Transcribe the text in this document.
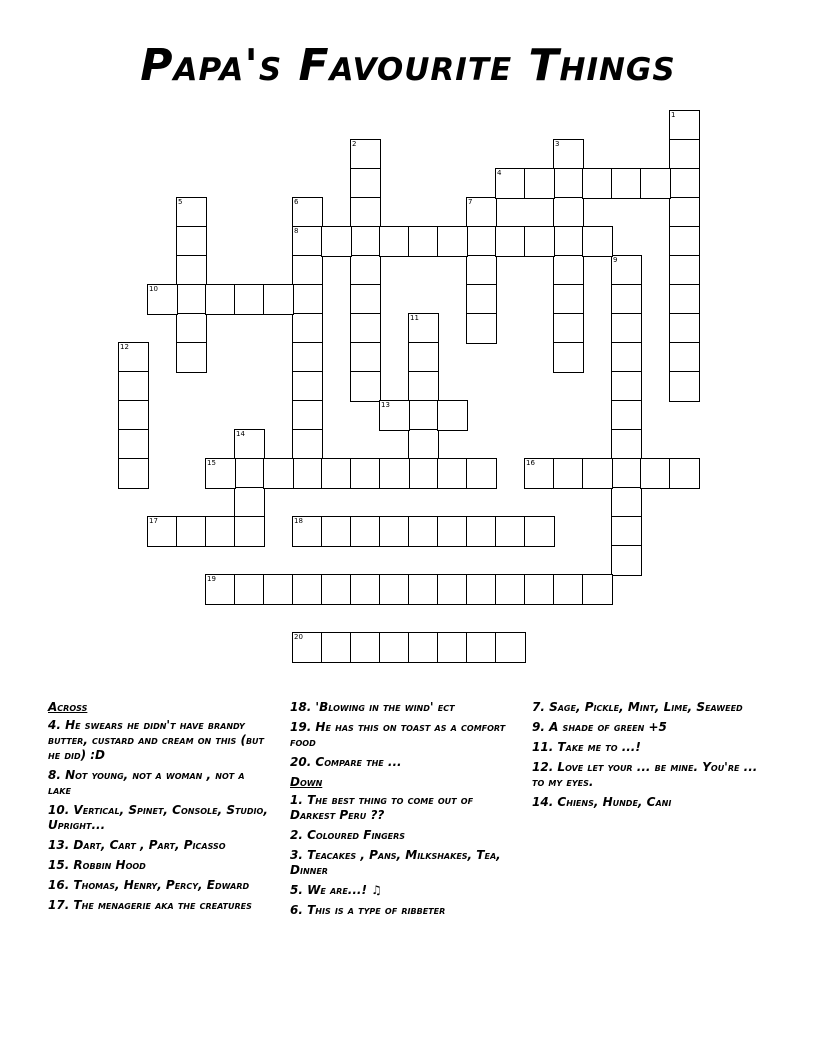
Papa's Favourite Things
1
2	3
5	6
8
7
9
11
12
14
4
10
13
15	16
17	18
19
20

Across

4. He swears he didn't have brandy butter, custard and cream on this (but he did) :D

8. Not young, not a woman , not a lake

10. Vertical, Spinet, Console, Studio, Upright...

13. Dart, Cart , Part, Picasso

15. Robbin Hood

16. Thomas, Henry, Percy, Edward

17. The menagerie aka the creatures

18. 'Blowing in the wind' ect

19. He has this on toast as a comfort food

20. Compare the ...

Down

1. The best thing to come out of Darkest Peru ??

2. Coloured Fingers

3. Teacakes , Pans, Milkshakes, Tea, Dinner

5. We are...! ♫

6. This is a type of ribbeter

7. Sage, Pickle, Mint, Lime, Seaweed

9. A shade of green +5

11. Take me to ...!

12. Love let your ... be mine. You're ... to my eyes.

14. Chiens, Hunde, Cani
